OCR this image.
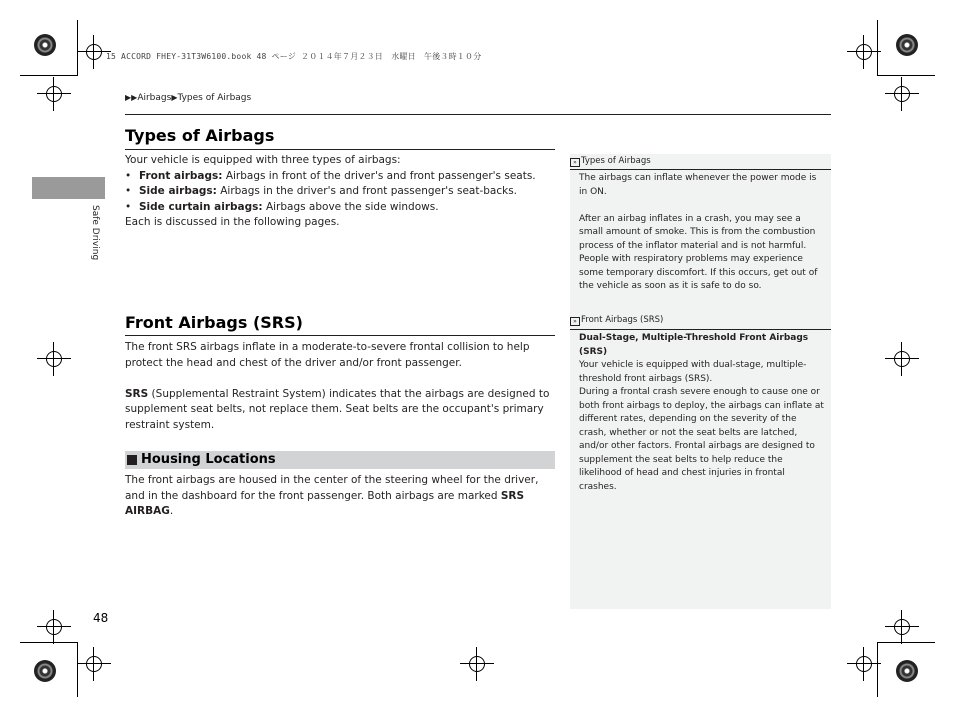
15 ACCORD FHEY-31T3W6100.book 48 ページ ２０１４年７月２３日　水曜日　午後３時１０分
▶▶Airbags▶Types of Airbags
Safe Driving
Types of Airbags

Your vehicle is equipped with three types of airbags:

• Front airbags: Airbags in front of the driver's and front passenger's seats.
• Side airbags: Airbags in the driver's and front passenger's seat-backs.
• Side curtain airbags: Airbags above the side windows.

Each is discussed in the following pages.

Front Airbags (SRS)

The front SRS airbags inflate in a moderate-to-severe frontal collision to help protect the head and chest of the driver and/or front passenger.

SRS (Supplemental Restraint System) indicates that the airbags are designed to supplement seat belts, not replace them. Seat belts are the occupant's primary restraint system.

Housing Locations

The front airbags are housed in the center of the steering wheel for the driver, and in the dashboard for the front passenger. Both airbags are marked SRS AIRBAG.

» Types of Airbags

The airbags can inflate whenever the power mode is in ON.

After an airbag inflates in a crash, you may see a small amount of smoke. This is from the combustion process of the inflator material and is not harmful. People with respiratory problems may experience some temporary discomfort. If this occurs, get out of the vehicle as soon as it is safe to do so.

» Front Airbags (SRS)

Dual-Stage, Multiple-Threshold Front Airbags (SRS)

Your vehicle is equipped with dual-stage, multiple-threshold front airbags (SRS).

During a frontal crash severe enough to cause one or both front airbags to deploy, the airbags can inflate at different rates, depending on the severity of the crash, whether or not the seat belts are latched, and/or other factors. Frontal airbags are designed to supplement the seat belts to help reduce the likelihood of head and chest injuries in frontal crashes.

48
